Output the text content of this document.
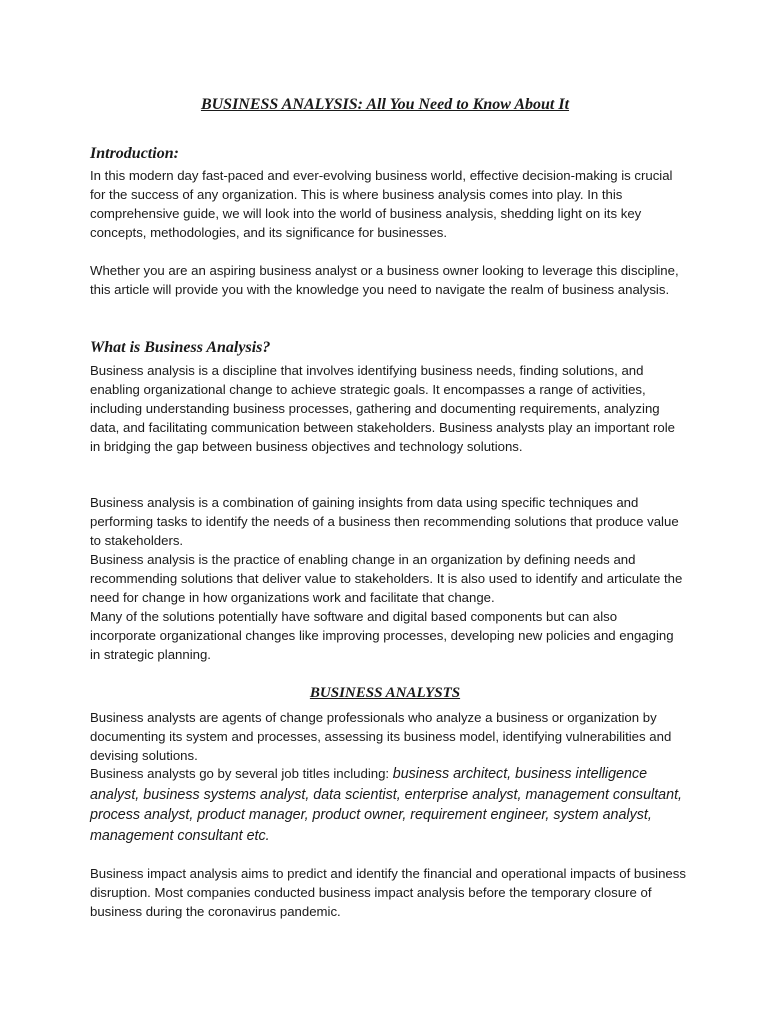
BUSINESS ANALYSIS: All You Need to Know About It
Introduction:

In this modern day fast-paced and ever-evolving business world, effective decision-making is crucial for the success of any organization. This is where business analysis comes into play. In this comprehensive guide, we will look into the world of business analysis, shedding light on its key concepts, methodologies, and its significance for businesses.

Whether you are an aspiring business analyst or a business owner looking to leverage this discipline, this article will provide you with the knowledge you need to navigate the realm of business analysis.

What is Business Analysis?

Business analysis is a discipline that involves identifying business needs, finding solutions, and enabling organizational change to achieve strategic goals. It encompasses a range of activities, including understanding business processes, gathering and documenting requirements, analyzing data, and facilitating communication between stakeholders. Business analysts play an important role in bridging the gap between business objectives and technology solutions.

Business analysis is a combination of gaining insights from data using specific techniques and performing tasks to identify the needs of a business then recommending solutions that produce value to stakeholders.

Business analysis is the practice of enabling change in an organization by defining needs and recommending solutions that deliver value to stakeholders. It is also used to identify and articulate the need for change in how organizations work and facilitate that change.

Many of the solutions potentially have software and digital based components but can also incorporate organizational changes like improving processes, developing new policies and engaging in strategic planning.

BUSINESS ANALYSTS

Business analysts are agents of change professionals who analyze a business or organization by documenting its system and processes, assessing its business model, identifying vulnerabilities and devising solutions.

Business analysts go by several job titles including: business architect, business intelligence analyst, business systems analyst, data scientist, enterprise analyst, management consultant, process analyst, product manager, product owner, requirement engineer, system analyst, management consultant etc.

Business impact analysis aims to predict and identify the financial and operational impacts of business disruption. Most companies conducted business impact analysis before the temporary closure of business during the coronavirus pandemic.
